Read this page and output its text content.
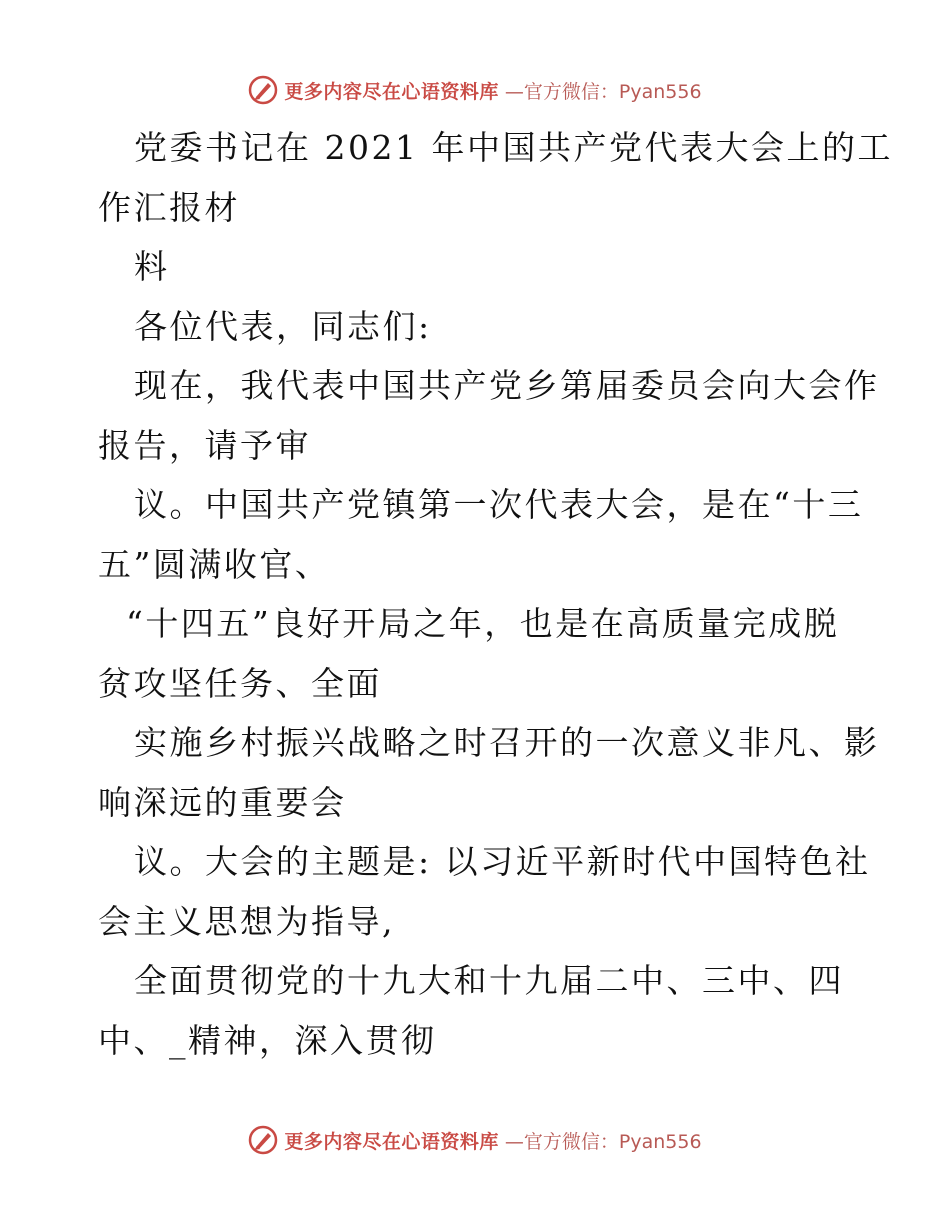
更多内容尽在心语资料库 —官方微信：Pyan556
党委书记在 2021 年中国共产党代表大会上的工
作汇报材
料
各位代表，同志们:
现在，我代表中国共产党乡第届委员会向大会作
报告，请予审
议。中国共产党镇第一次代表大会，是在“十三
五”圆满收官、
“十四五”良好开局之年，也是在高质量完成脱
贫攻坚任务、全面
实施乡村振兴战略之时召开的一次意义非凡、影
响深远的重要会
议。大会的主题是: 以习近平新时代中国特色社
会主义思想为指导,
全面贯彻党的十九大和十九届二中、三中、四
中、_精神，深入贯彻
更多内容尽在心语资料库 —官方微信：Pyan556
